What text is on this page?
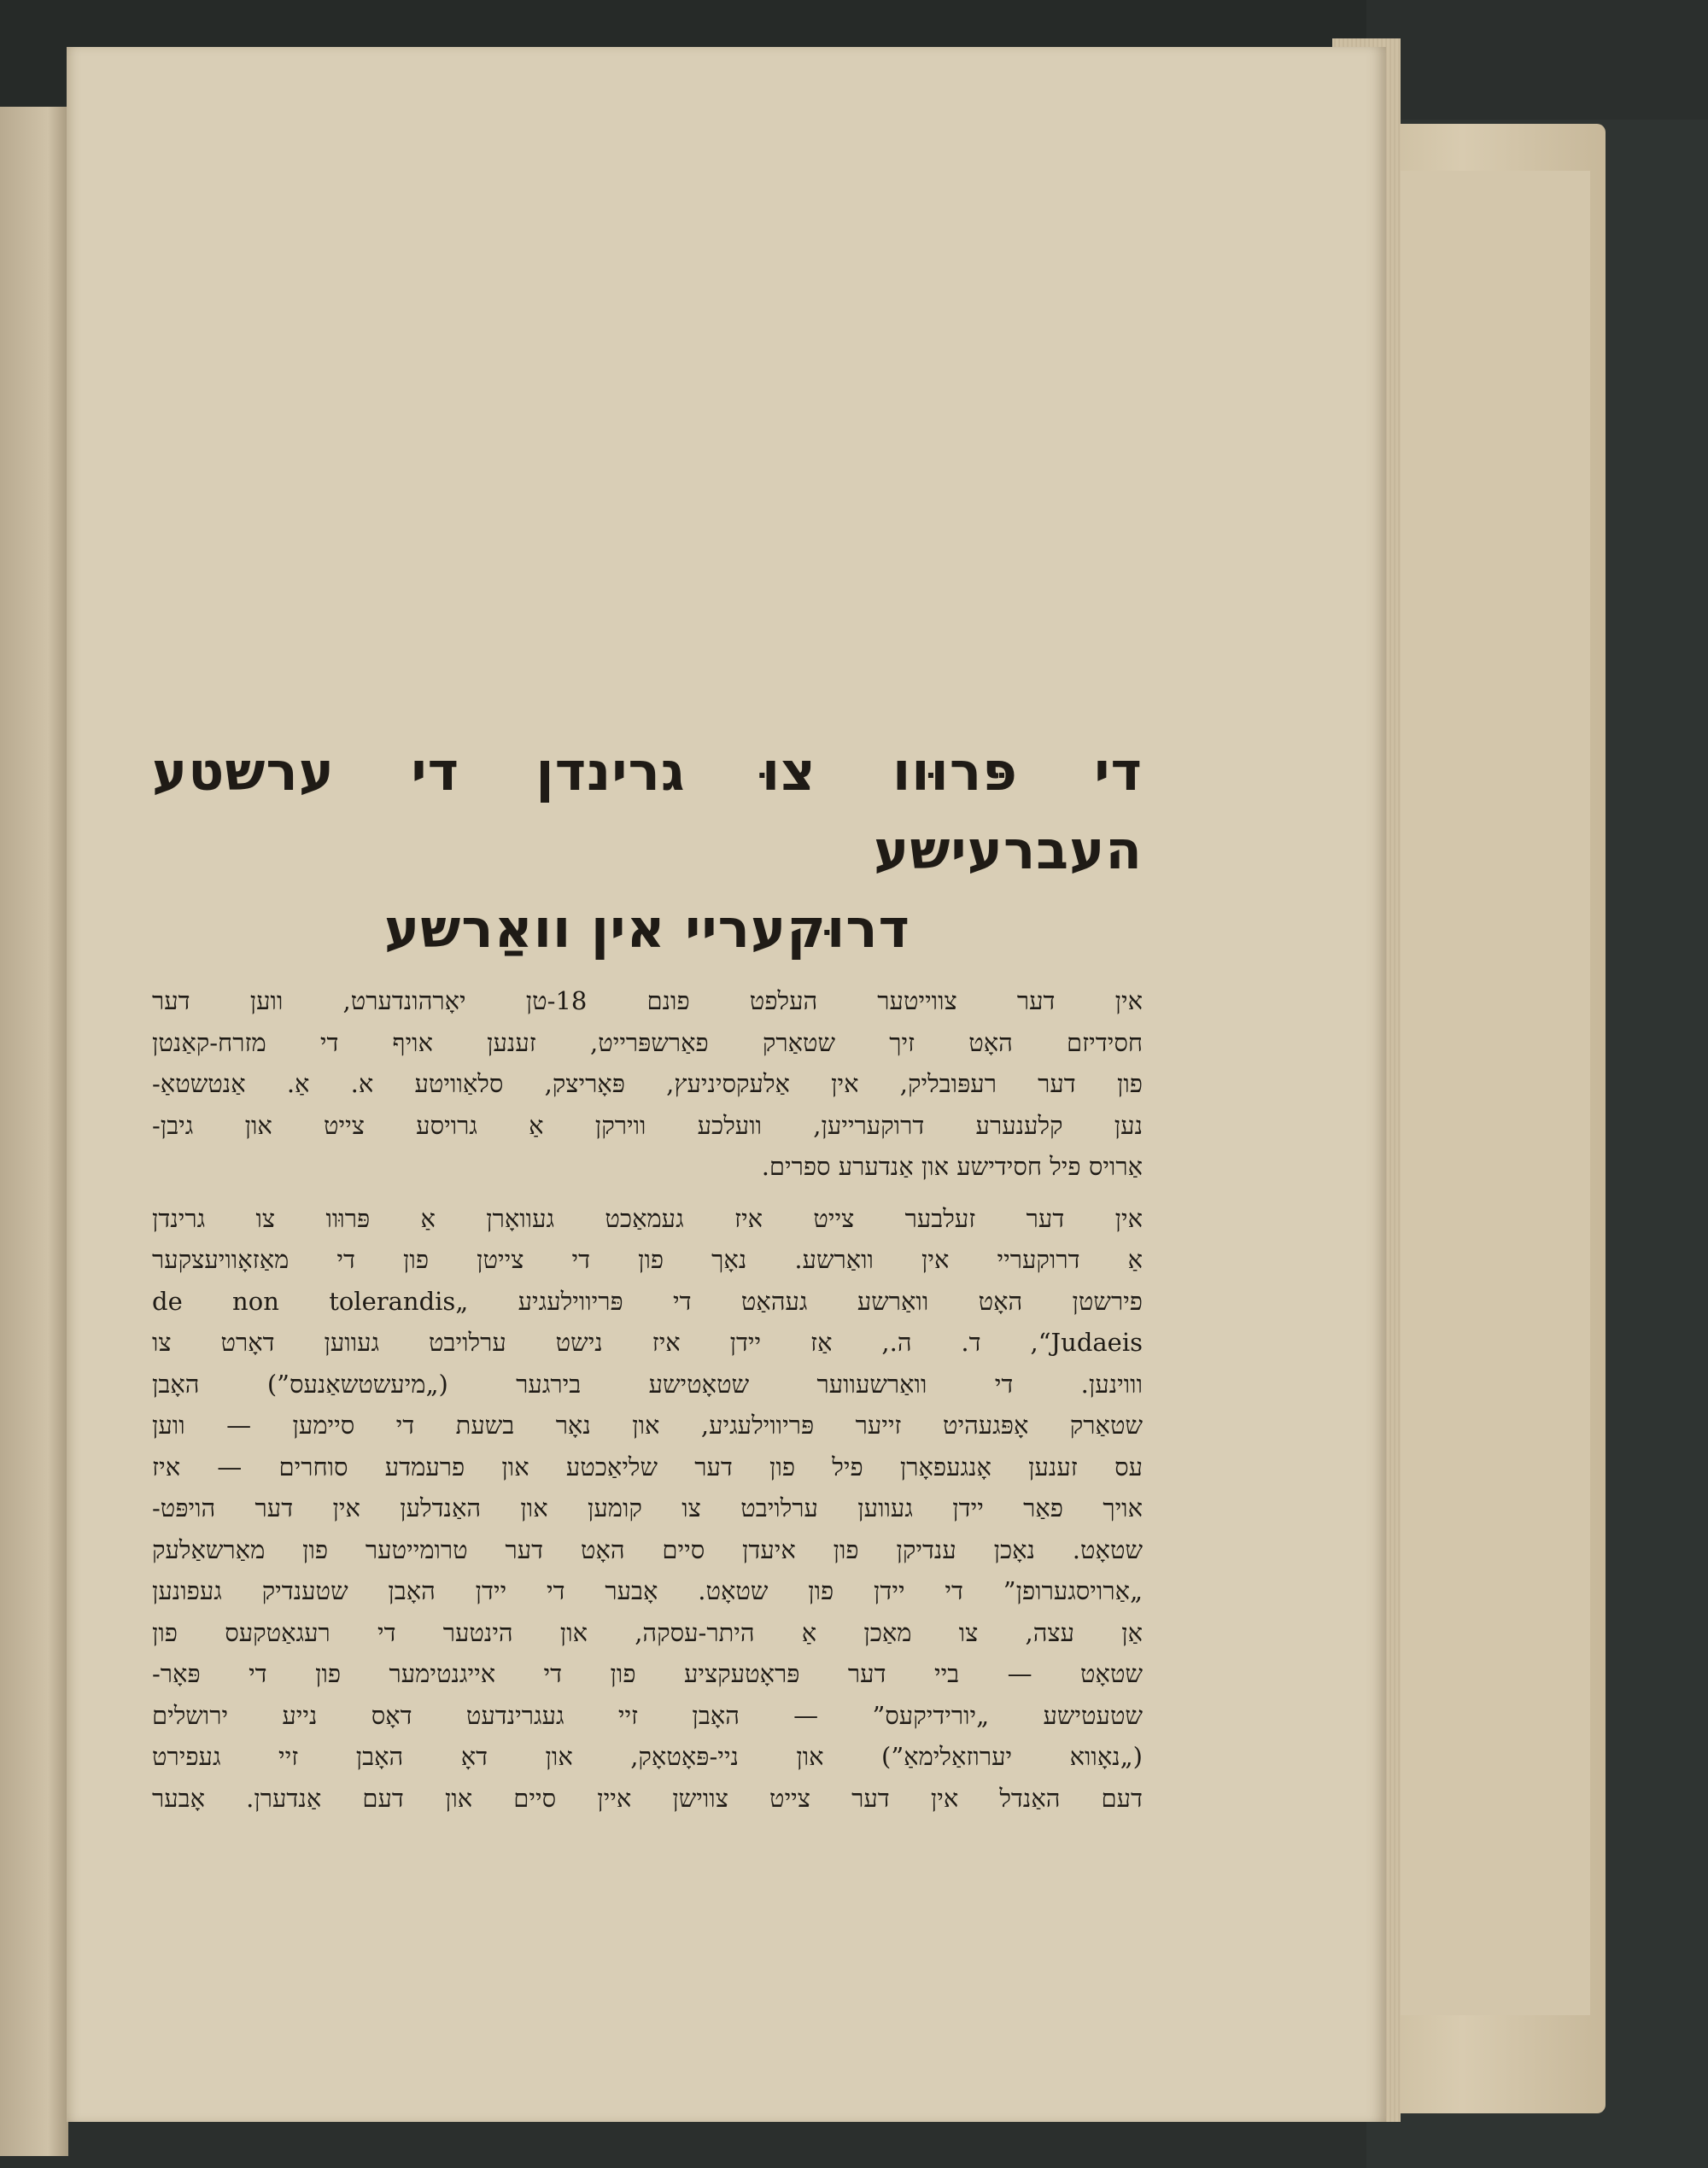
די פּרוּוו צוּ גרינדן די ערשטע העברעישע
דרוּקעריי אין וואַרשע
אין דער צווייטער העלפט פונם 18-טן יאָרהונדערט, ווען דער
חסידיזם האָט זיך שטאַרק פאַרשפּרייט, זענען אויף די מזרח-קאַנטן
פון דער רעפּובליק, אין אַלעקסיניעץ, פּאָריצק, סלאַוויטע א. אַ. אַנטשטאַ-
נען קלענערע דרוקערייען, וועלכע ווירקן אַ גרויסע צייט און גיבן-
אַרויס פיל חסידישע און אַנדערע ספרים.
אין דער זעלבער צייט איז געמאַכט געוואָרן אַ פּרוּוו צו גרינדן
אַ דרוקעריי אין וואַרשע. נאָך פון די צייטן פון די מאַזאָוויעצקער
פירשטן האָט וואַרשע געהאַט די פּריווילעגיע „de non tolerandis
Judaeis“, ד. ה., אַז יידן איז נישט ערלויבט געווען דאָרט צו
וווינען. די וואַרשעווער שטאָטישע בירגער („מיעשטשאַנעס”) האָבן
שטאַרק אָפּגעהיט זייער פּריווילעגיע, און נאָר בשעת די סיימען — ווען
עס זענען אָנגעפאָרן פיל פון דער שליאַכטע און פרעמדע סוחרים — איז
אויך פאַר יידן געווען ערלויבט צו קומען און האַנדלען אין דער הויפּט-
שטאָט. נאָכן ענדיקן פון איעדן סיים האָט דער טרומייטער פון מאַרשאַלעק
„אַרויסגערופן” די יידן פון שטאָט. אָבער די יידן האָבן שטענדיק געפונען
אַן עצה, צו מאַכן אַ היתר-עסקה, און הינטער די רעגאַטקעס פון
שטאָט — ביי דער פּראָטעקציע פון די אייגנטימער פון די פּאָר-
שטעטישע „יורידיקעס” — האָבן זיי געגרינדעט דאָס נייע ירושלים
(„נאָווא יערוזאַלימאַ”) און ניי-פּאָטאָק, און דאָ האָבן זיי געפירט
דעם האַנדל אין דער צייט צווישן איין סיים און דעם אַנדערן. אָבער
